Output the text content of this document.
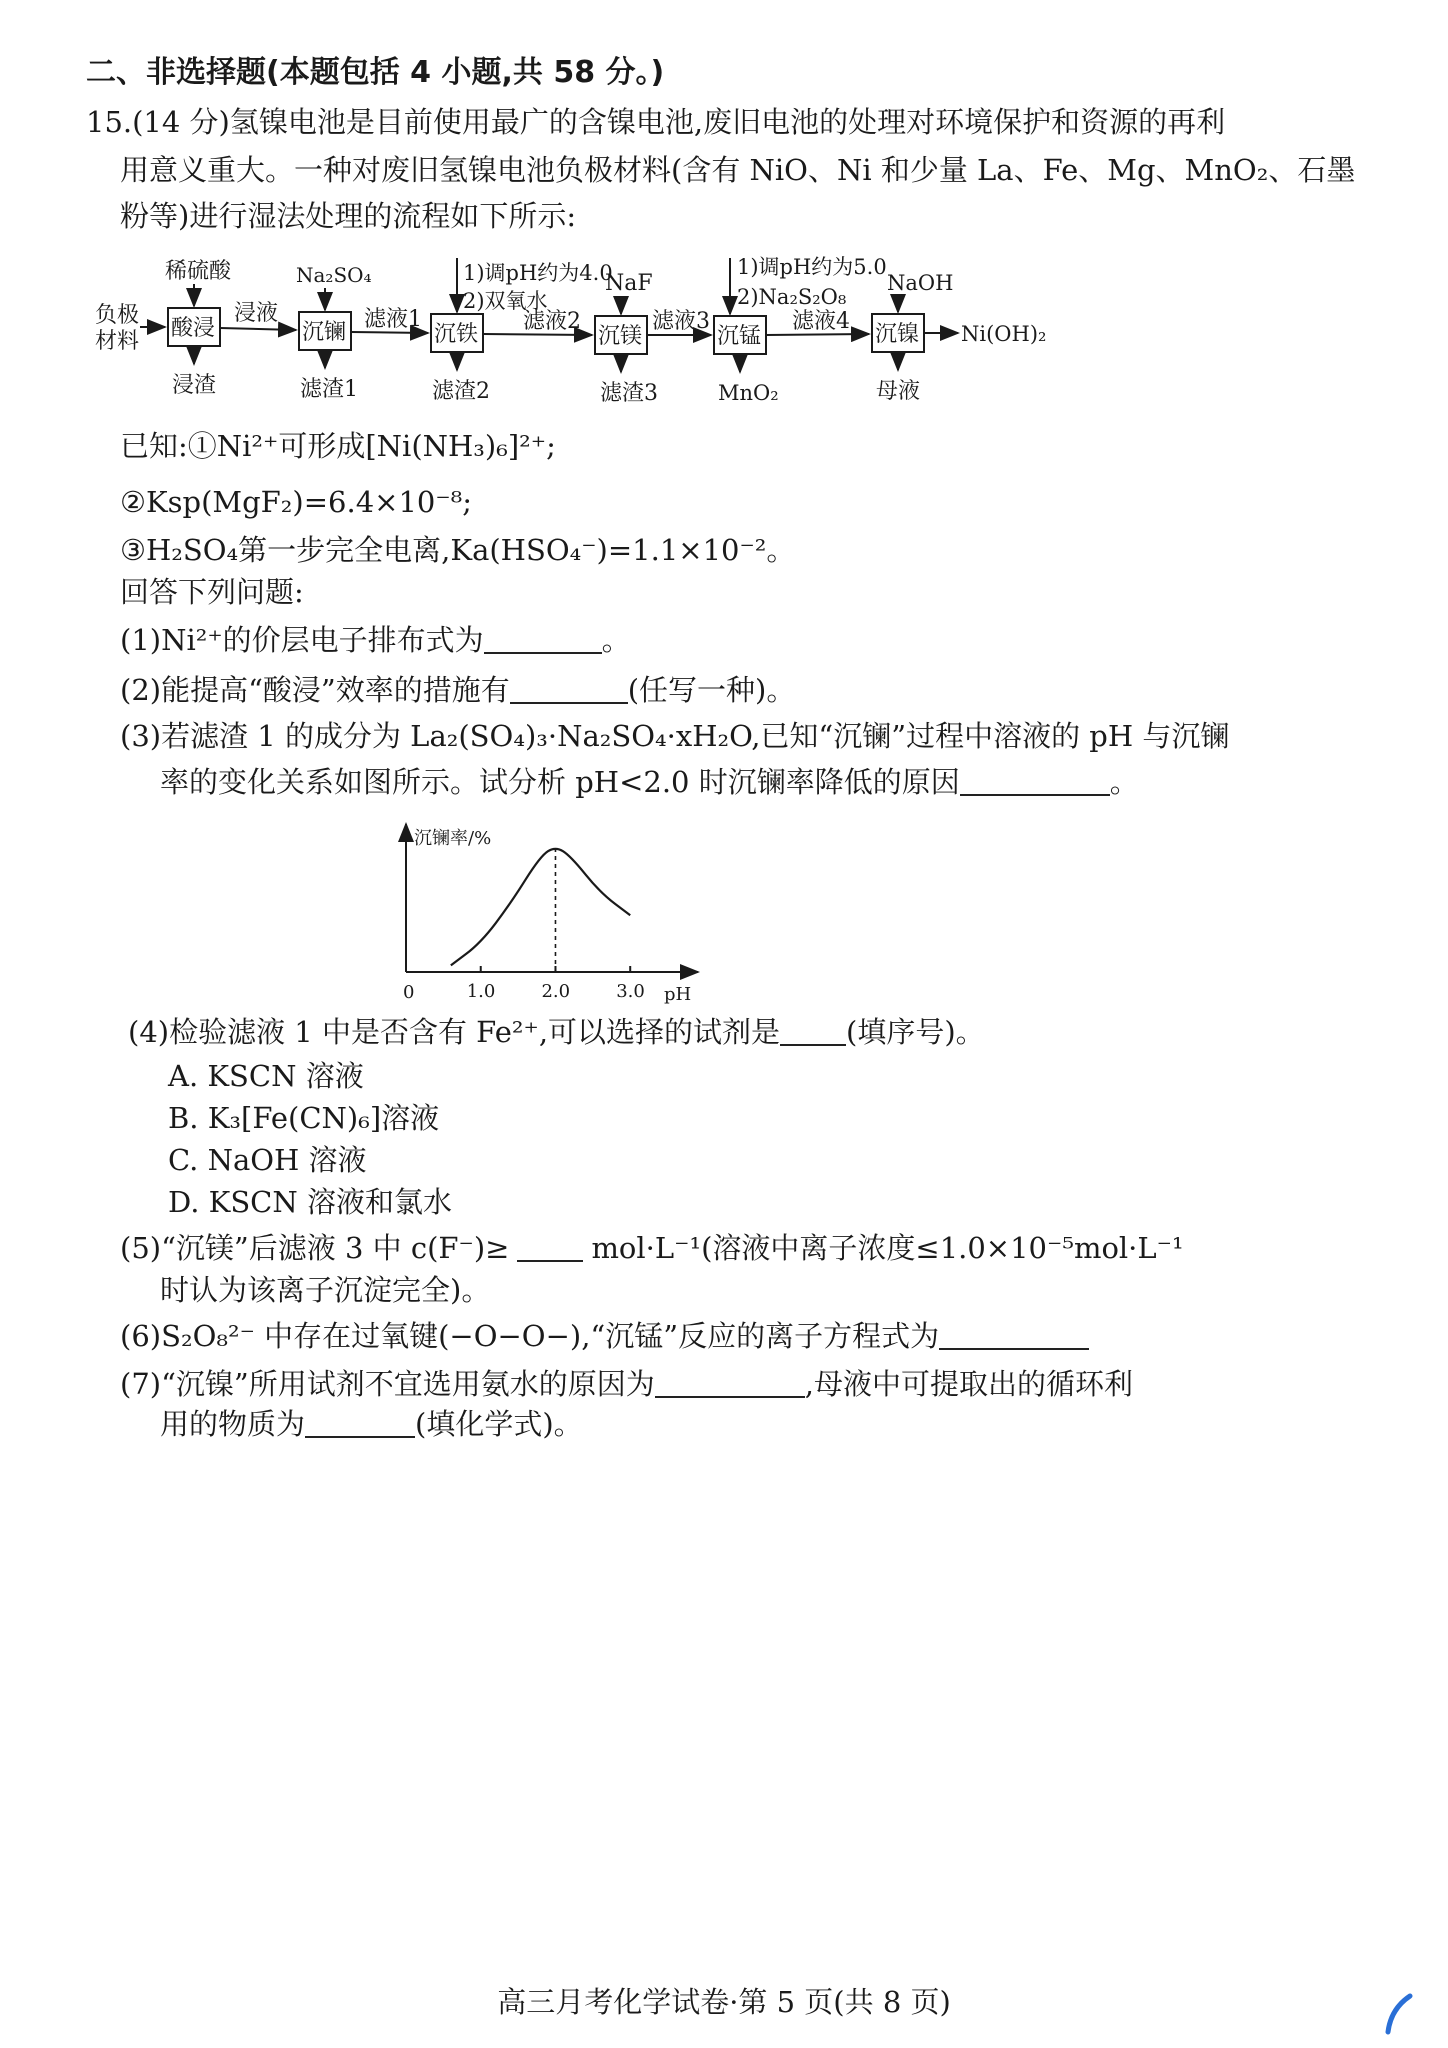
二、非选择题(本题包括 4 小题,共 58 分。)
15.(14 分)氢镍电池是目前使用最广的含镍电池,废旧电池的处理对环境保护和资源的再利
用意义重大。一种对废旧氢镍电池负极材料(含有 NiO、Ni 和少量 La、Fe、Mg、MnO₂、石墨
粉等)进行湿法处理的流程如下所示:
负极
材料
酸浸	沉镧	沉铁	沉镁	沉锰	沉镍
浸液	滤液1	滤液2	滤液3	滤液4	Ni(OH)₂
稀硫酸	Na₂SO₄	1)调pH约为4.0
2)双氧水
NaF
1)调pH约为5.0
2)Na₂S₂O₈
NaOH
浸渣	滤渣1	滤渣2	滤渣3	MnO₂	母液
已知:①Ni²⁺可形成[Ni(NH₃)₆]²⁺;
②Ksp(MgF₂)=6.4×10⁻⁸;
③H₂SO₄第一步完全电离,Ka(HSO₄⁻)=1.1×10⁻²。
回答下列问题:
(1)Ni²⁺的价层电子排布式为	。
(2)能提高“酸浸”效率的措施有	(任写一种)。
(3)若滤渣 1 的成分为 La₂(SO₄)₃·Na₂SO₄·xH₂O,已知“沉镧”过程中溶液的 pH 与沉镧
率的变化关系如图所示。试分析 pH<2.0 时沉镧率降低的原因	。
沉镧率/%
pH
0	1.0	2.0	3.0
(4)检验滤液 1 中是否含有 Fe²⁺,可以选择的试剂是 (填序号)。
A. KSCN 溶液
B. K₃[Fe(CN)₆]溶液
C. NaOH 溶液
D. KSCN 溶液和氯水
(5)“沉镁”后滤液 3 中 c(F⁻)≥	mol·L⁻¹(溶液中离子浓度≤1.0×10⁻⁵mol·L⁻¹
时认为该离子沉淀完全)。
(6)S₂O₈²⁻ 中存在过氧键(−O−O−),“沉锰”反应的离子方程式为
(7)“沉镍”所用试剂不宜选用氨水的原因为	,母液中可提取出的循环利
用的物质为	(填化学式)。
高三月考化学试卷·第 5 页(共 8 页)
